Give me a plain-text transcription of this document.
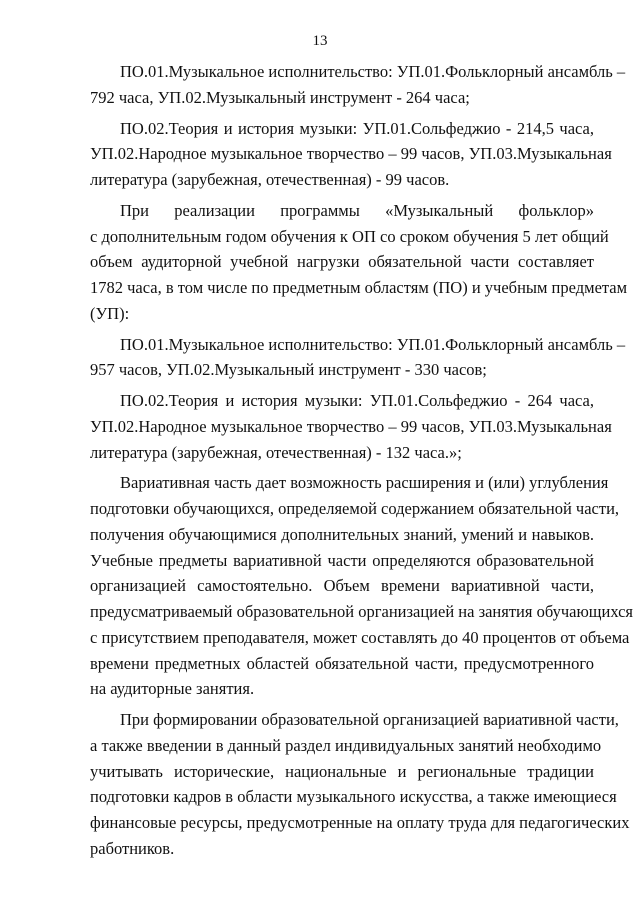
13
ПО.01.Музыкальное исполнительство: УП.01.Фольклорный ансамбль –
792 часа, УП.02.Музыкальный инструмент - 264 часа;
ПО.02.Теория и история музыки: УП.01.Сольфеджио - 214,5 часа,
УП.02.Народное музыкальное творчество – 99 часов, УП.03.Музыкальная
литература (зарубежная, отечественная) - 99 часов.
При реализации программы «Музыкальный фольклор»
с дополнительным годом обучения к ОП со сроком обучения 5 лет общий
объем аудиторной учебной нагрузки обязательной части составляет
1782 часа, в том числе по предметным областям (ПО) и учебным предметам
(УП):
ПО.01.Музыкальное исполнительство: УП.01.Фольклорный ансамбль –
957 часов, УП.02.Музыкальный инструмент - 330 часов;
ПО.02.Теория и история музыки: УП.01.Сольфеджио - 264 часа,
УП.02.Народное музыкальное творчество – 99 часов, УП.03.Музыкальная
литература (зарубежная, отечественная) - 132 часа.»;
Вариативная часть дает возможность расширения и (или) углубления
подготовки обучающихся, определяемой содержанием обязательной части,
получения обучающимися дополнительных знаний, умений и навыков.
Учебные предметы вариативной части определяются образовательной
организацией самостоятельно. Объем времени вариативной части,
предусматриваемый образовательной организацией на занятия обучающихся
с присутствием преподавателя, может составлять до 40 процентов от объема
времени предметных областей обязательной части, предусмотренного
на аудиторные занятия.
При формировании образовательной организацией вариативной части,
а также введении в данный раздел индивидуальных занятий необходимо
учитывать исторические, национальные и региональные традиции
подготовки кадров в области музыкального искусства, а также имеющиеся
финансовые ресурсы, предусмотренные на оплату труда для педагогических
работников.
